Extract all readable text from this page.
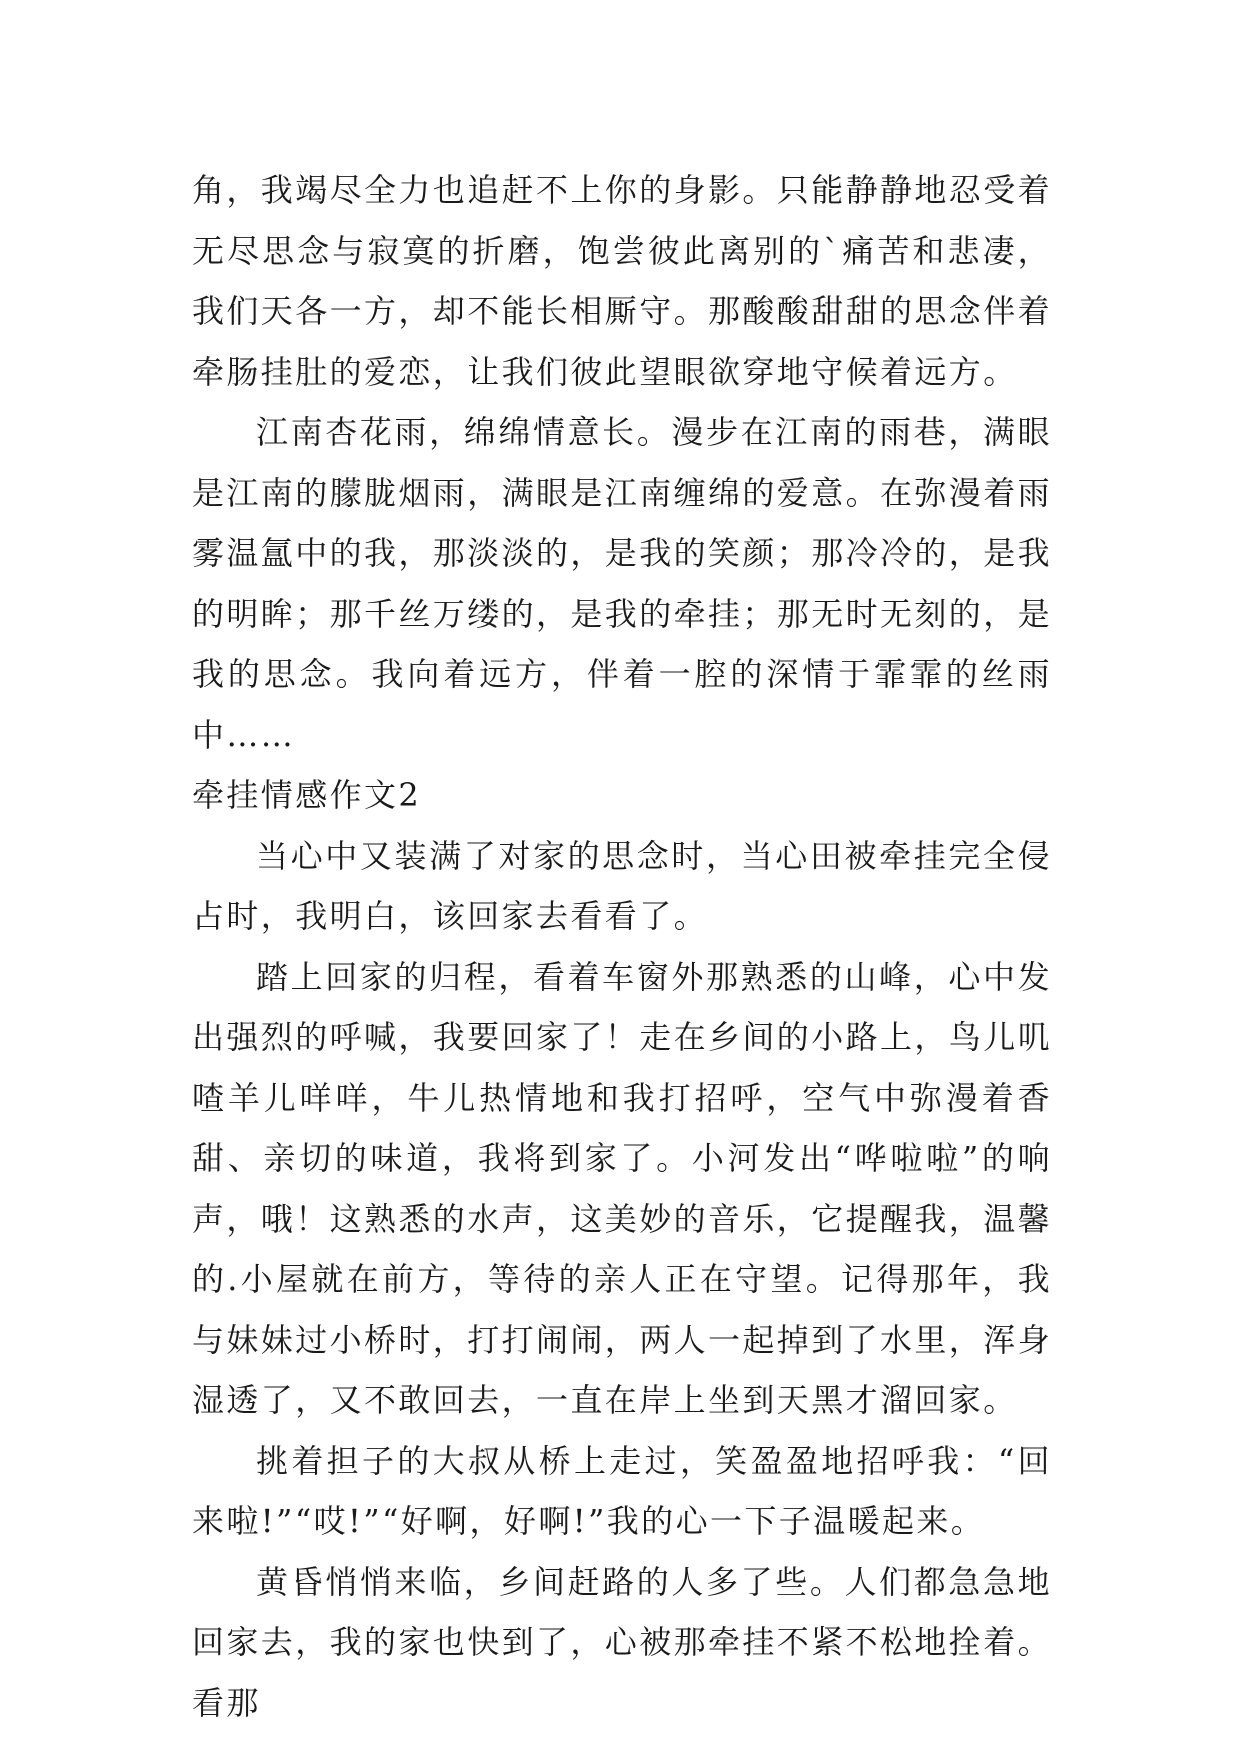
角，我竭尽全力也追赶不上你的身影。只能静静地忍受着无尽思念与寂寞的折磨，饱尝彼此离别的`痛苦和悲凄，我们天各一方，却不能长相厮守。那酸酸甜甜的思念伴着牵肠挂肚的爱恋，让我们彼此望眼欲穿地守候着远方。

江南杏花雨，绵绵情意长。漫步在江南的雨巷，满眼是江南的朦胧烟雨，满眼是江南缠绵的爱意。在弥漫着雨雾温氲中的我，那淡淡的，是我的笑颜；那冷冷的，是我的明眸；那千丝万缕的，是我的牵挂；那无时无刻的，是我的思念。我向着远方，伴着一腔的深情于霏霏的丝雨中……

牵挂情感作文2

当心中又装满了对家的思念时，当心田被牵挂完全侵占时，我明白，该回家去看看了。

踏上回家的归程，看着车窗外那熟悉的山峰，心中发出强烈的呼喊，我要回家了！走在乡间的小路上，鸟儿叽喳羊儿咩咩，牛儿热情地和我打招呼，空气中弥漫着香甜、亲切的味道，我将到家了。小河发出“哗啦啦”的响声，哦！这熟悉的水声，这美妙的音乐，它提醒我，温馨的.小屋就在前方，等待的亲人正在守望。记得那年，我与妹妹过小桥时，打打闹闹，两人一起掉到了水里，浑身湿透了，又不敢回去，一直在岸上坐到天黑才溜回家。

挑着担子的大叔从桥上走过，笑盈盈地招呼我：“回来啦!”“哎!”“好啊，好啊!”我的心一下子温暖起来。

黄昏悄悄来临，乡间赶路的人多了些。人们都急急地回家去，我的家也快到了，心被那牵挂不紧不松地拴着。看那
